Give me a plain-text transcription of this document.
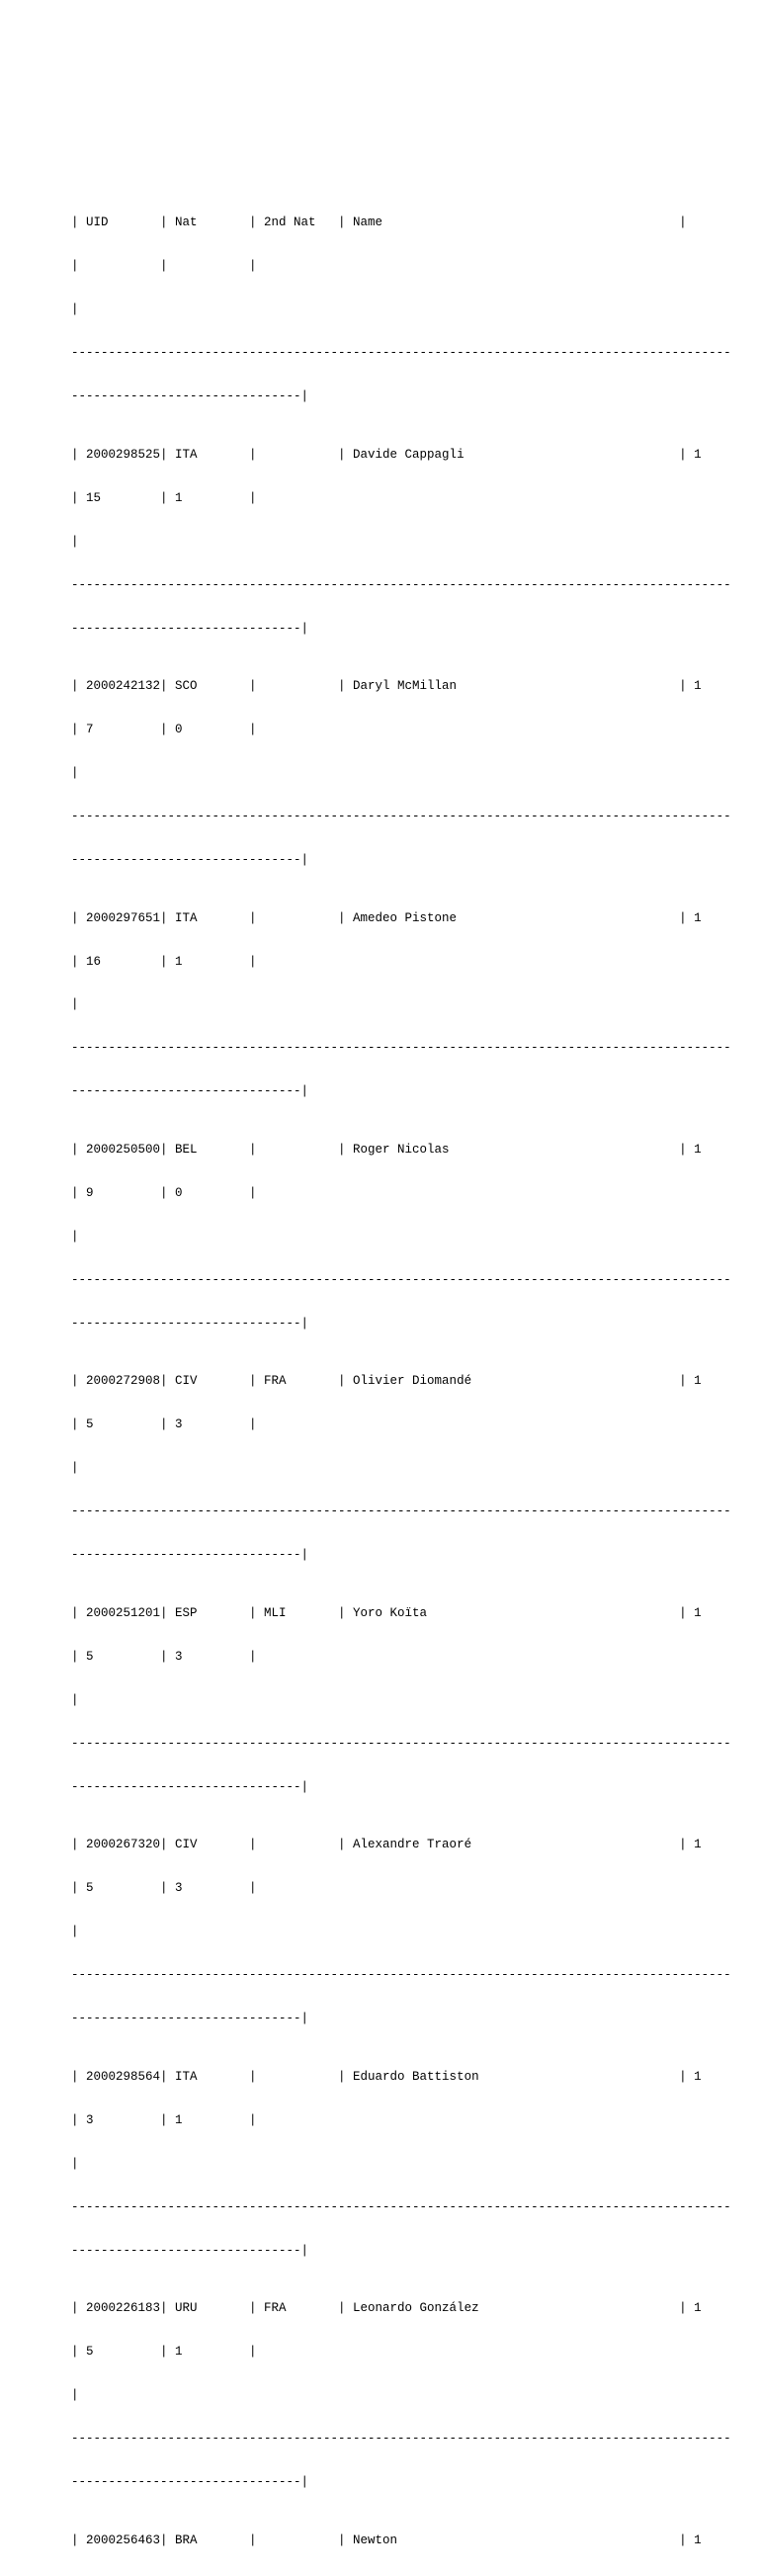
| UID       | Nat       | 2nd Nat   | Name                                        |

|           |           |

|

-----------------------------------------------------------------------------------------

-------------------------------|

| 2000298525| ITA       |           | Davide Cappagli                             | 1

| 15        | 1         |

|

-----------------------------------------------------------------------------------------

-------------------------------|

| 2000242132| SCO       |           | Daryl McMillan                              | 1

| 7         | 0         |

|

-----------------------------------------------------------------------------------------

-------------------------------|

| 2000297651| ITA       |           | Amedeo Pistone                              | 1

| 16        | 1         |

|

-----------------------------------------------------------------------------------------

-------------------------------|

| 2000250500| BEL       |           | Roger Nicolas                               | 1

| 9         | 0         |

|

-----------------------------------------------------------------------------------------

-------------------------------|

| 2000272908| CIV       | FRA       | Olivier Diomandé                            | 1

| 5         | 3         |

|

-----------------------------------------------------------------------------------------

-------------------------------|

| 2000251201| ESP       | MLI       | Yoro Koïta                                  | 1

| 5         | 3         |

|

-----------------------------------------------------------------------------------------

-------------------------------|

| 2000267320| CIV       |           | Alexandre Traoré                            | 1

| 5         | 3         |

|

-----------------------------------------------------------------------------------------

-------------------------------|

| 2000298564| ITA       |           | Eduardo Battiston                           | 1

| 3         | 1         |

|

-----------------------------------------------------------------------------------------

-------------------------------|

| 2000226183| URU       | FRA       | Leonardo González                           | 1

| 5         | 1         |

|

-----------------------------------------------------------------------------------------

-------------------------------|

| 2000256463| BRA       |           | Newton                                      | 1
